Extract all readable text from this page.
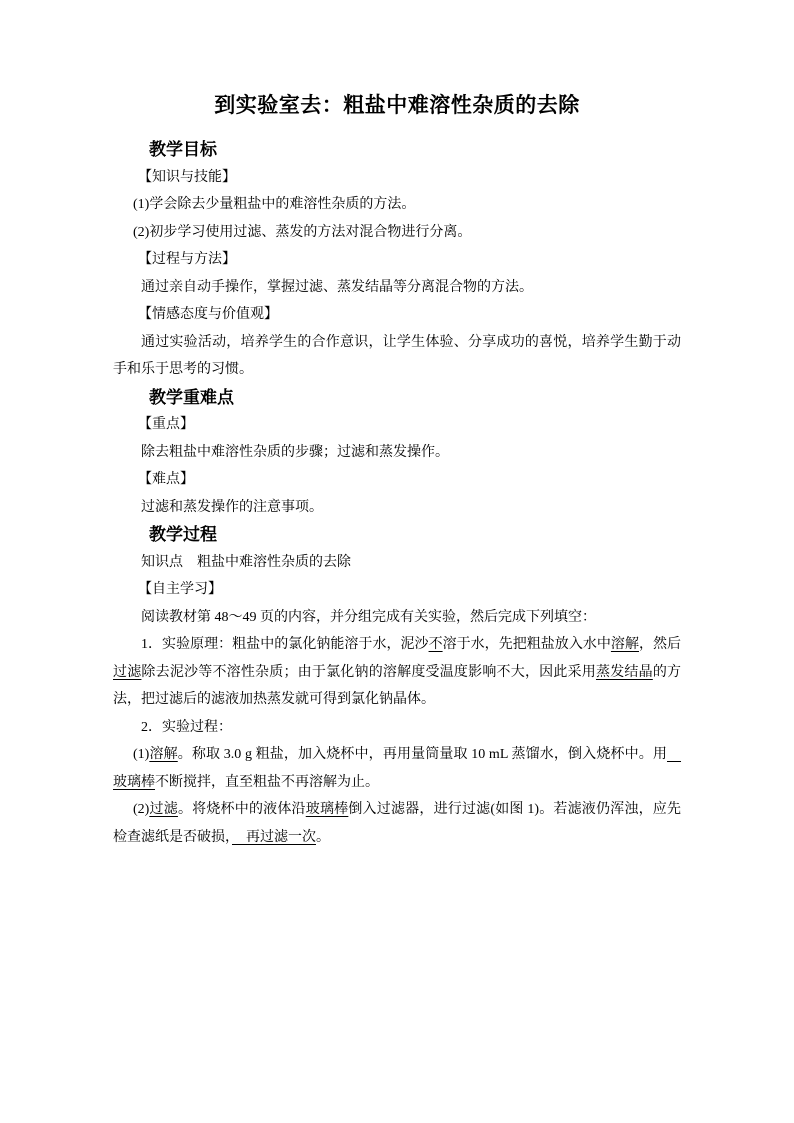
到实验室去：粗盐中难溶性杂质的去除

教学目标

【知识与技能】

(1)学会除去少量粗盐中的难溶性杂质的方法。

(2)初步学习使用过滤、蒸发的方法对混合物进行分离。

【过程与方法】

通过亲自动手操作，掌握过滤、蒸发结晶等分离混合物的方法。

【情感态度与价值观】

通过实验活动，培养学生的合作意识，让学生体验、分享成功的喜悦，培养学生勤于动手和乐于思考的习惯。

教学重难点

【重点】

除去粗盐中难溶性杂质的步骤；过滤和蒸发操作。

【难点】

过滤和蒸发操作的注意事项。

教学过程

知识点　粗盐中难溶性杂质的去除

【自主学习】

阅读教材第 48～49 页的内容，并分组完成有关实验，然后完成下列填空：

1．实验原理：粗盐中的氯化钠能溶于水，泥沙不溶于水，先把粗盐放入水中溶解，然后过滤除去泥沙等不溶性杂质；由于氯化钠的溶解度受温度影响不大，因此采用蒸发结晶的方法，把过滤后的滤液加热蒸发就可得到氯化钠晶体。

2．实验过程：

(1)溶解。称取 3.0 g 粗盐，加入烧杯中，再用量筒量取 10 mL 蒸馏水，倒入烧杯中。用　玻璃棒不断搅拌，直至粗盐不再溶解为止。

(2)过滤。将烧杯中的液体沿玻璃棒倒入过滤器，进行过滤(如图 1)。若滤液仍浑浊，应先检查滤纸是否破损，　再过滤一次。
